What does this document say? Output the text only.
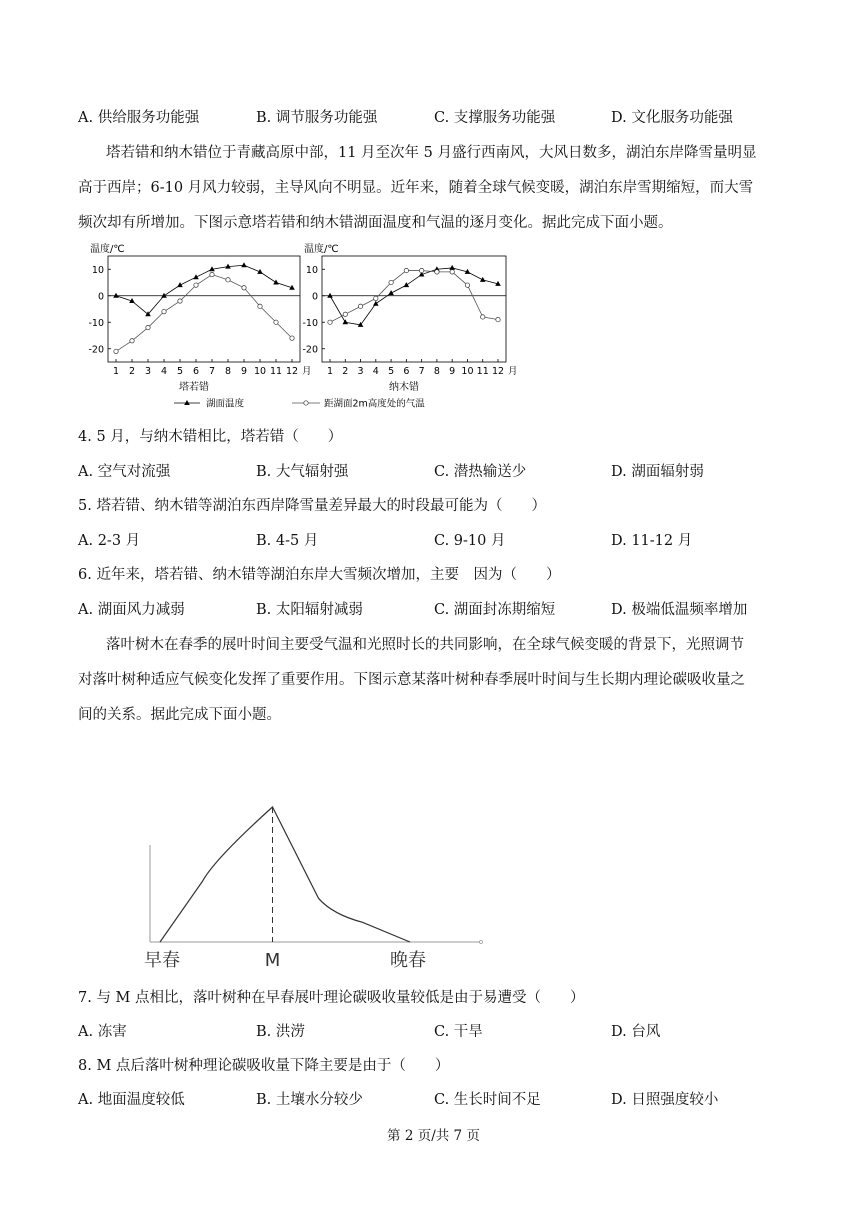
A. 供给服务功能强	B. 调节服务功能强	C. 支撑服务功能强	D. 文化服务功能强
塔若错和纳木错位于青藏高原中部，11 月至次年 5 月盛行西南风，大风日数多，湖泊东岸降雪量明显
高于西岸；6-10 月风力较弱，主导风向不明显。近年来，随着全球气候变暖，湖泊东岸雪期缩短，而大雪
频次却有所增加。下图示意塔若错和纳木错湖面温度和气温的逐月变化。据此完成下面小题。
温度/℃
10
0
-10
-20
1 2 3 4 5 6 7 8 9 10 11 12 月
塔若错
温度/℃
10
0
-10
-20
1 2 3 4 5 6 7 8 9 10 11 12 月
纳木错
湖面温度	距湖面2m高度处的气温
4. 5 月，与纳木错相比，塔若错（　　）
A. 空气对流强	B. 大气辐射强	C. 潜热输送少	D. 湖面辐射弱
5. 塔若错、纳木错等湖泊东西岸降雪量差异最大的时段最可能为（　　）
A. 2-3 月	B. 4-5 月	C. 9-10 月	D. 11-12 月
6. 近年来，塔若错、纳木错等湖泊东岸大雪频次增加，主要　因为（　　）
A. 湖面风力减弱	B. 太阳辐射减弱	C. 湖面封冻期缩短	D. 极端低温频率增加
落叶树木在春季的展叶时间主要受气温和光照时长的共同影响，在全球气候变暖的背景下，光照调节
对落叶树种适应气候变化发挥了重要作用。下图示意某落叶树种春季展叶时间与生长期内理论碳吸收量之
间的关系。据此完成下面小题。
早春	M	晚春
7. 与 M 点相比，落叶树种在早春展叶理论碳吸收量较低是由于易遭受（　　）
A. 冻害	B. 洪涝	C. 干旱	D. 台风
8. M 点后落叶树种理论碳吸收量下降主要是由于（　　）
A. 地面温度较低	B. 土壤水分较少	C. 生长时间不足	D. 日照强度较小
第 2 页/共 7 页
